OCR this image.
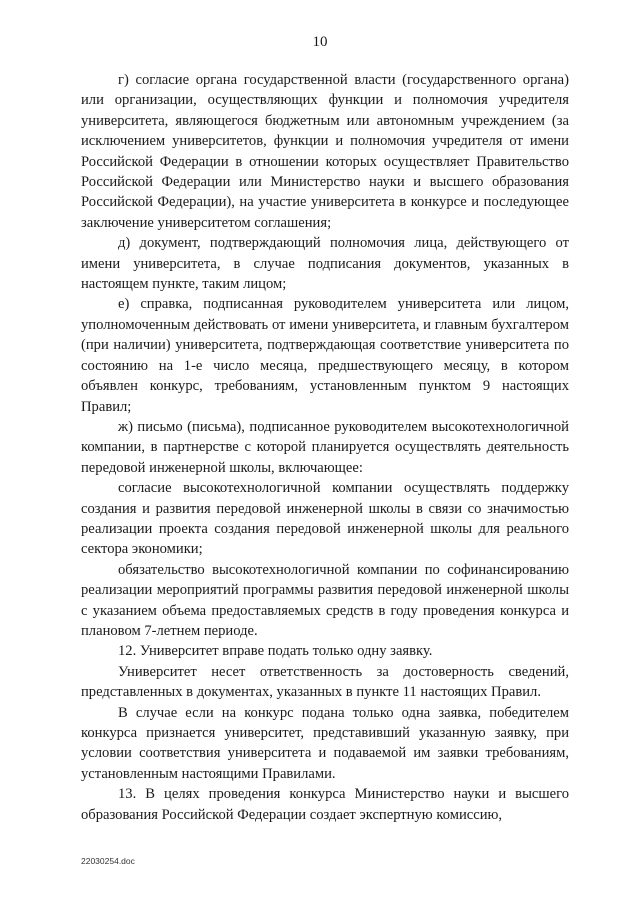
10

г) согласие органа государственной власти (государственного органа) или организации, осуществляющих функции и полномочия учредителя университета, являющегося бюджетным или автономным учреждением (за исключением университетов, функции и полномочия учредителя от имени Российской Федерации в отношении которых осуществляет Правительство Российской Федерации или Министерство науки и высшего образования Российской Федерации), на участие университета в конкурсе и последующее заключение университетом соглашения;

д) документ, подтверждающий полномочия лица, действующего от имени университета, в случае подписания документов, указанных в настоящем пункте, таким лицом;

е) справка, подписанная руководителем университета или лицом, уполномоченным действовать от имени университета, и главным бухгалтером (при наличии) университета, подтверждающая соответствие университета по состоянию на 1-е число месяца, предшествующего месяцу, в котором объявлен конкурс, требованиям, установленным пунктом 9 настоящих Правил;

ж) письмо (письма), подписанное руководителем высокотехнологичной компании, в партнерстве с которой планируется осуществлять деятельность передовой инженерной школы, включающее:

согласие высокотехнологичной компании осуществлять поддержку создания и развития передовой инженерной школы в связи со значимостью реализации проекта создания передовой инженерной школы для реального сектора экономики;

обязательство высокотехнологичной компании по софинансированию реализации мероприятий программы развития передовой инженерной школы с указанием объема предоставляемых средств в году проведения конкурса и плановом 7-летнем периоде.

12. Университет вправе подать только одну заявку.

Университет несет ответственность за достоверность сведений, представленных в документах, указанных в пункте 11 настоящих Правил.

В случае если на конкурс подана только одна заявка, победителем конкурса признается университет, представивший указанную заявку, при условии соответствия университета и подаваемой им заявки требованиям, установленным настоящими Правилами.

13. В целях проведения конкурса Министерство науки и высшего образования Российской Федерации создает экспертную комиссию,

22030254.doc
